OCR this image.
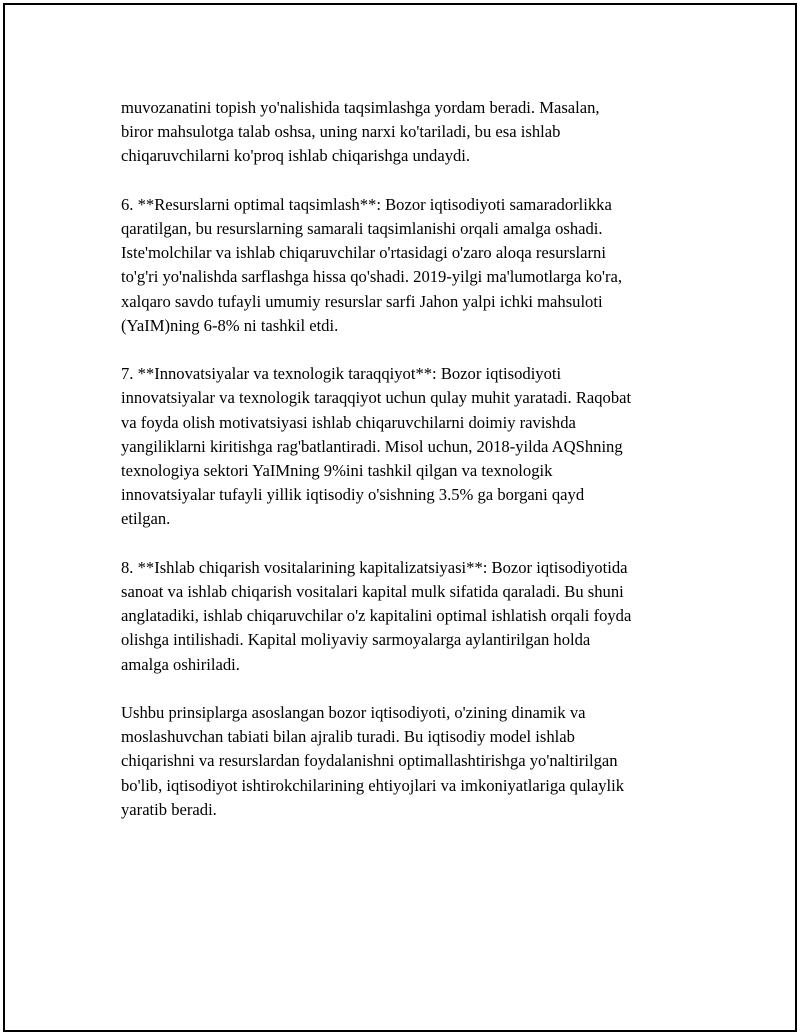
muvozanatini topish yo'nalishida taqsimlashga yordam beradi. Masalan,
biror mahsulotga talab oshsa, uning narxi ko'tariladi, bu esa ishlab
chiqaruvchilarni ko'proq ishlab chiqarishga undaydi.

6. **Resurslarni optimal taqsimlash**: Bozor iqtisodiyoti samaradorlikka
qaratilgan, bu resurslarning samarali taqsimlanishi orqali amalga oshadi.
Iste'molchilar va ishlab chiqaruvchilar o'rtasidagi o'zaro aloqa resurslarni
to'g'ri yo'nalishda sarflashga hissa qo'shadi. 2019-yilgi ma'lumotlarga ko'ra,
xalqaro savdo tufayli umumiy resurslar sarfi Jahon yalpi ichki mahsuloti
(YaIM)ning 6-8% ni tashkil etdi.

7. **Innovatsiyalar va texnologik taraqqiyot**: Bozor iqtisodiyoti
innovatsiyalar va texnologik taraqqiyot uchun qulay muhit yaratadi. Raqobat
va foyda olish motivatsiyasi ishlab chiqaruvchilarni doimiy ravishda
yangiliklarni kiritishga rag'batlantiradi. Misol uchun, 2018-yilda AQShning
texnologiya sektori YaIMning 9%ini tashkil qilgan va texnologik
innovatsiyalar tufayli yillik iqtisodiy o'sishning 3.5% ga borgani qayd
etilgan.

8. **Ishlab chiqarish vositalarining kapitalizatsiyasi**: Bozor iqtisodiyotida
sanoat va ishlab chiqarish vositalari kapital mulk sifatida qaraladi. Bu shuni
anglatadiki, ishlab chiqaruvchilar o'z kapitalini optimal ishlatish orqali foyda
olishga intilishadi. Kapital moliyaviy sarmoyalarga aylantirilgan holda
amalga oshiriladi.

Ushbu prinsiplarga asoslangan bozor iqtisodiyoti, o'zining dinamik va
moslashuvchan tabiati bilan ajralib turadi. Bu iqtisodiy model ishlab
chiqarishni va resurslardan foydalanishni optimallashtirishga yo'naltirilgan
bo'lib, iqtisodiyot ishtirokchilarining ehtiyojlari va imkoniyatlariga qulaylik
yaratib beradi.
